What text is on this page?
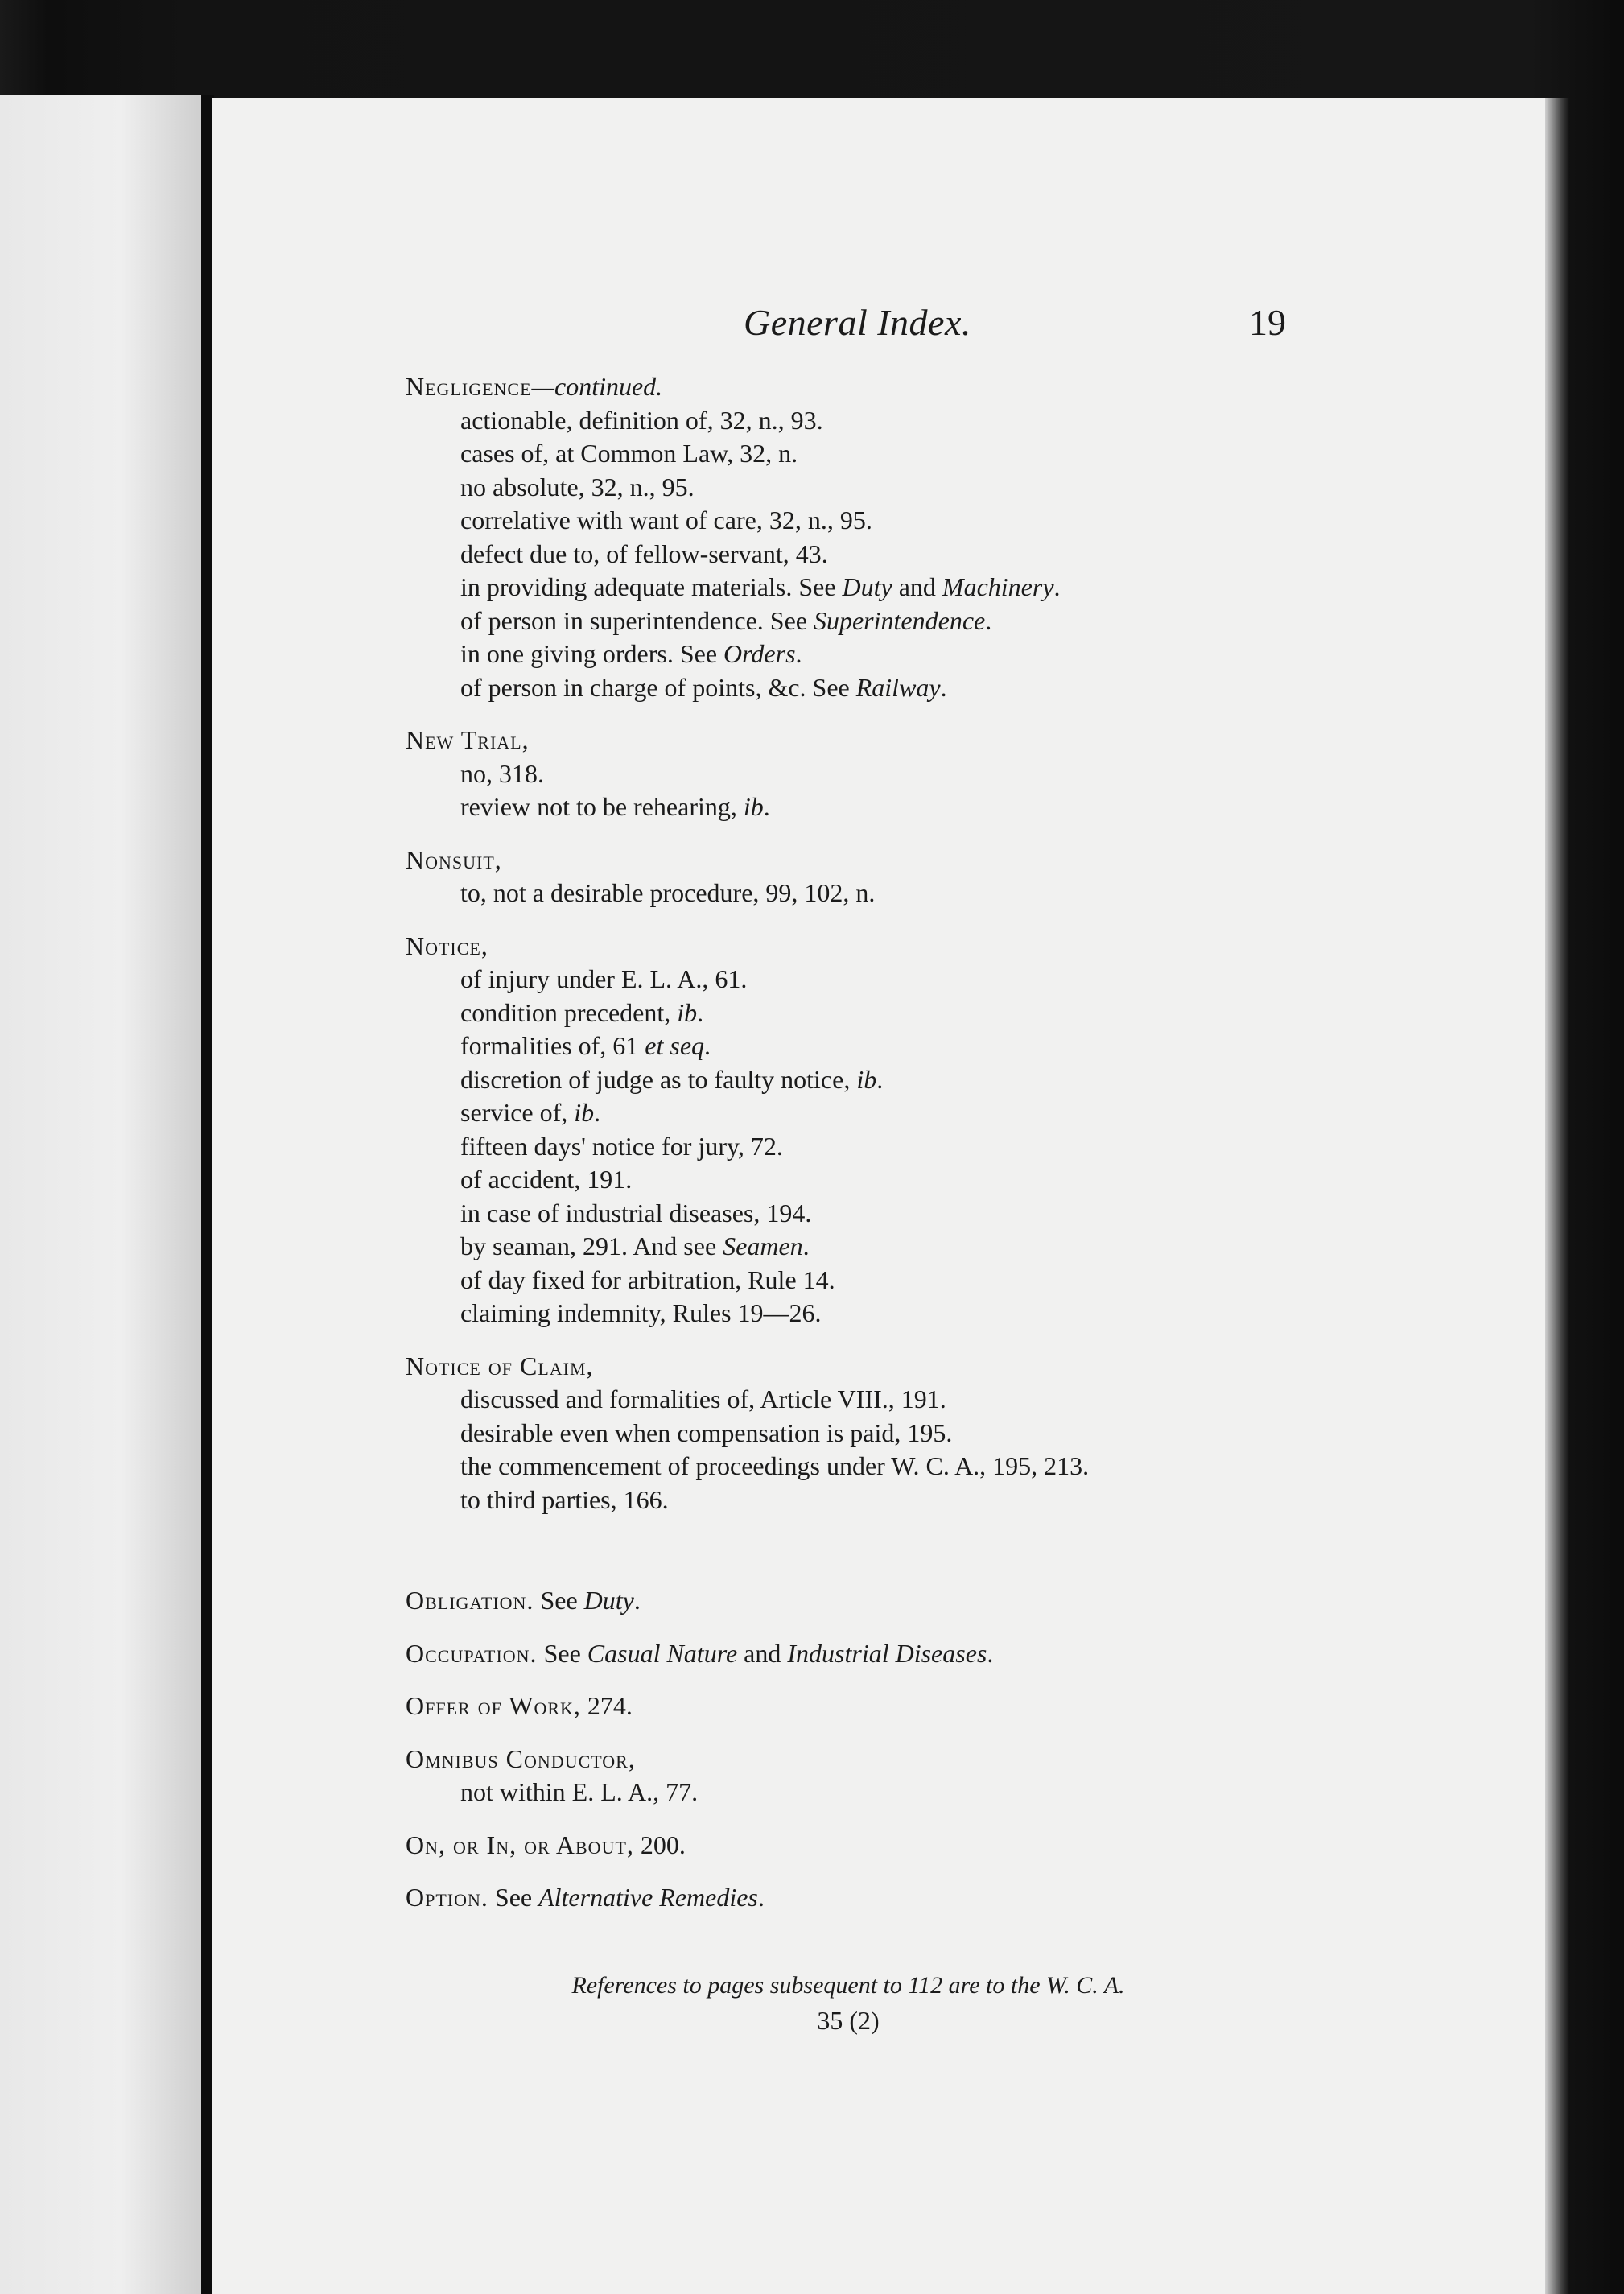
General Index.	19
Negligence—continued.
actionable, definition of, 32, n., 93.
cases of, at Common Law, 32, n.
no absolute, 32, n., 95.
correlative with want of care, 32, n., 95.
defect due to, of fellow-servant, 43.
in providing adequate materials. See Duty and Machinery.
of person in superintendence. See Superintendence.
in one giving orders. See Orders.
of person in charge of points, &c. See Railway.
New Trial,
no, 318.
review not to be rehearing, ib.
Nonsuit,
to, not a desirable procedure, 99, 102, n.
Notice,
of injury under E. L. A., 61.
condition precedent, ib.
formalities of, 61 et seq.
discretion of judge as to faulty notice, ib.
service of, ib.
fifteen days' notice for jury, 72.
of accident, 191.
in case of industrial diseases, 194.
by seaman, 291. And see Seamen.
of day fixed for arbitration, Rule 14.
claiming indemnity, Rules 19—26.
Notice of Claim,
discussed and formalities of, Article VIII., 191.
desirable even when compensation is paid, 195.
the commencement of proceedings under W. C. A., 195, 213.
to third parties, 166.
Obligation. See Duty.
Occupation. See Casual Nature and Industrial Diseases.
Offer of Work, 274.
Omnibus Conductor,
not within E. L. A., 77.
On, or In, or About, 200.
Option. See Alternative Remedies.
References to pages subsequent to 112 are to the W. C. A.
35 (2)
